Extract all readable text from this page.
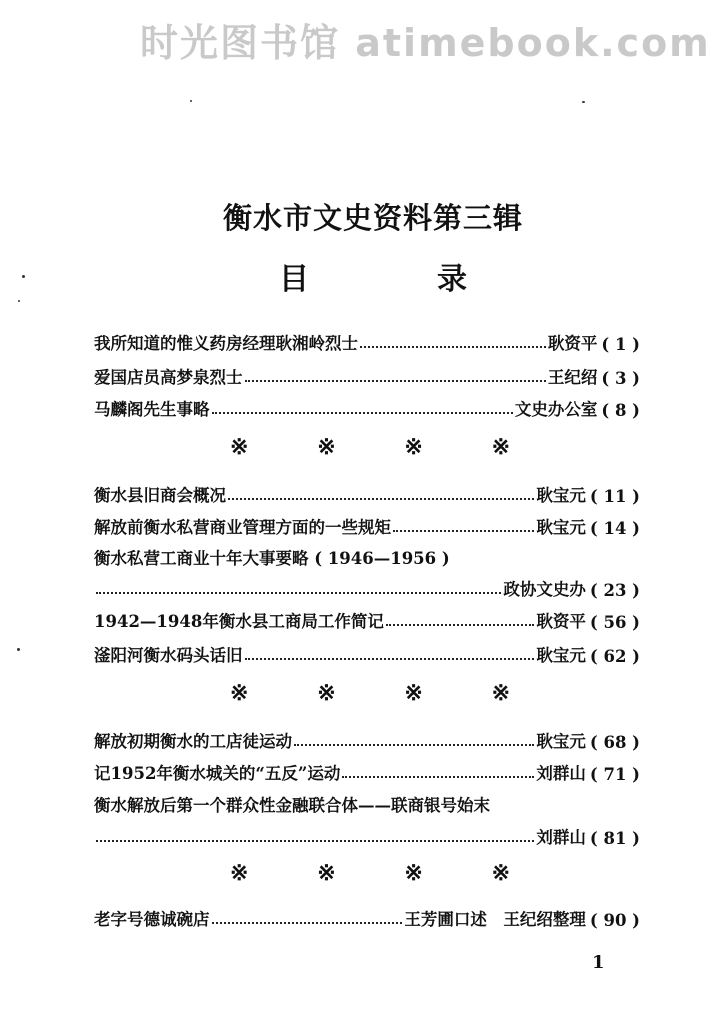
时光图书馆 atimebook.com
衡水市文史资料第三辑
目	录
我所知道的惟义药房经理耿湘岭烈士	耿资平 ( 1 )
爱国店员高梦泉烈士	王纪绍 ( 3 )
马麟阁先生事略	文史办公室 ( 8 )
※	※	※	※
衡水县旧商会概况	耿宝元 ( 11 )
解放前衡水私营商业管理方面的一些规矩	耿宝元 ( 14 )
衡水私营工商业十年大事要略 ( 1946—1956 )
政协文史办 ( 23 )
1942—1948年衡水县工商局工作简记	耿资平 ( 56 )
滏阳河衡水码头话旧	耿宝元 ( 62 )
※	※	※	※
解放初期衡水的工店徒运动	耿宝元 ( 68 )
记1952年衡水城关的“五反”运动	刘群山 ( 71 )
衡水解放后第一个群众性金融联合体——联商银号始末
刘群山 ( 81 )
※	※	※	※
老字号德诚碗店	王芳圃口述　王纪绍整理 ( 90 )
1
